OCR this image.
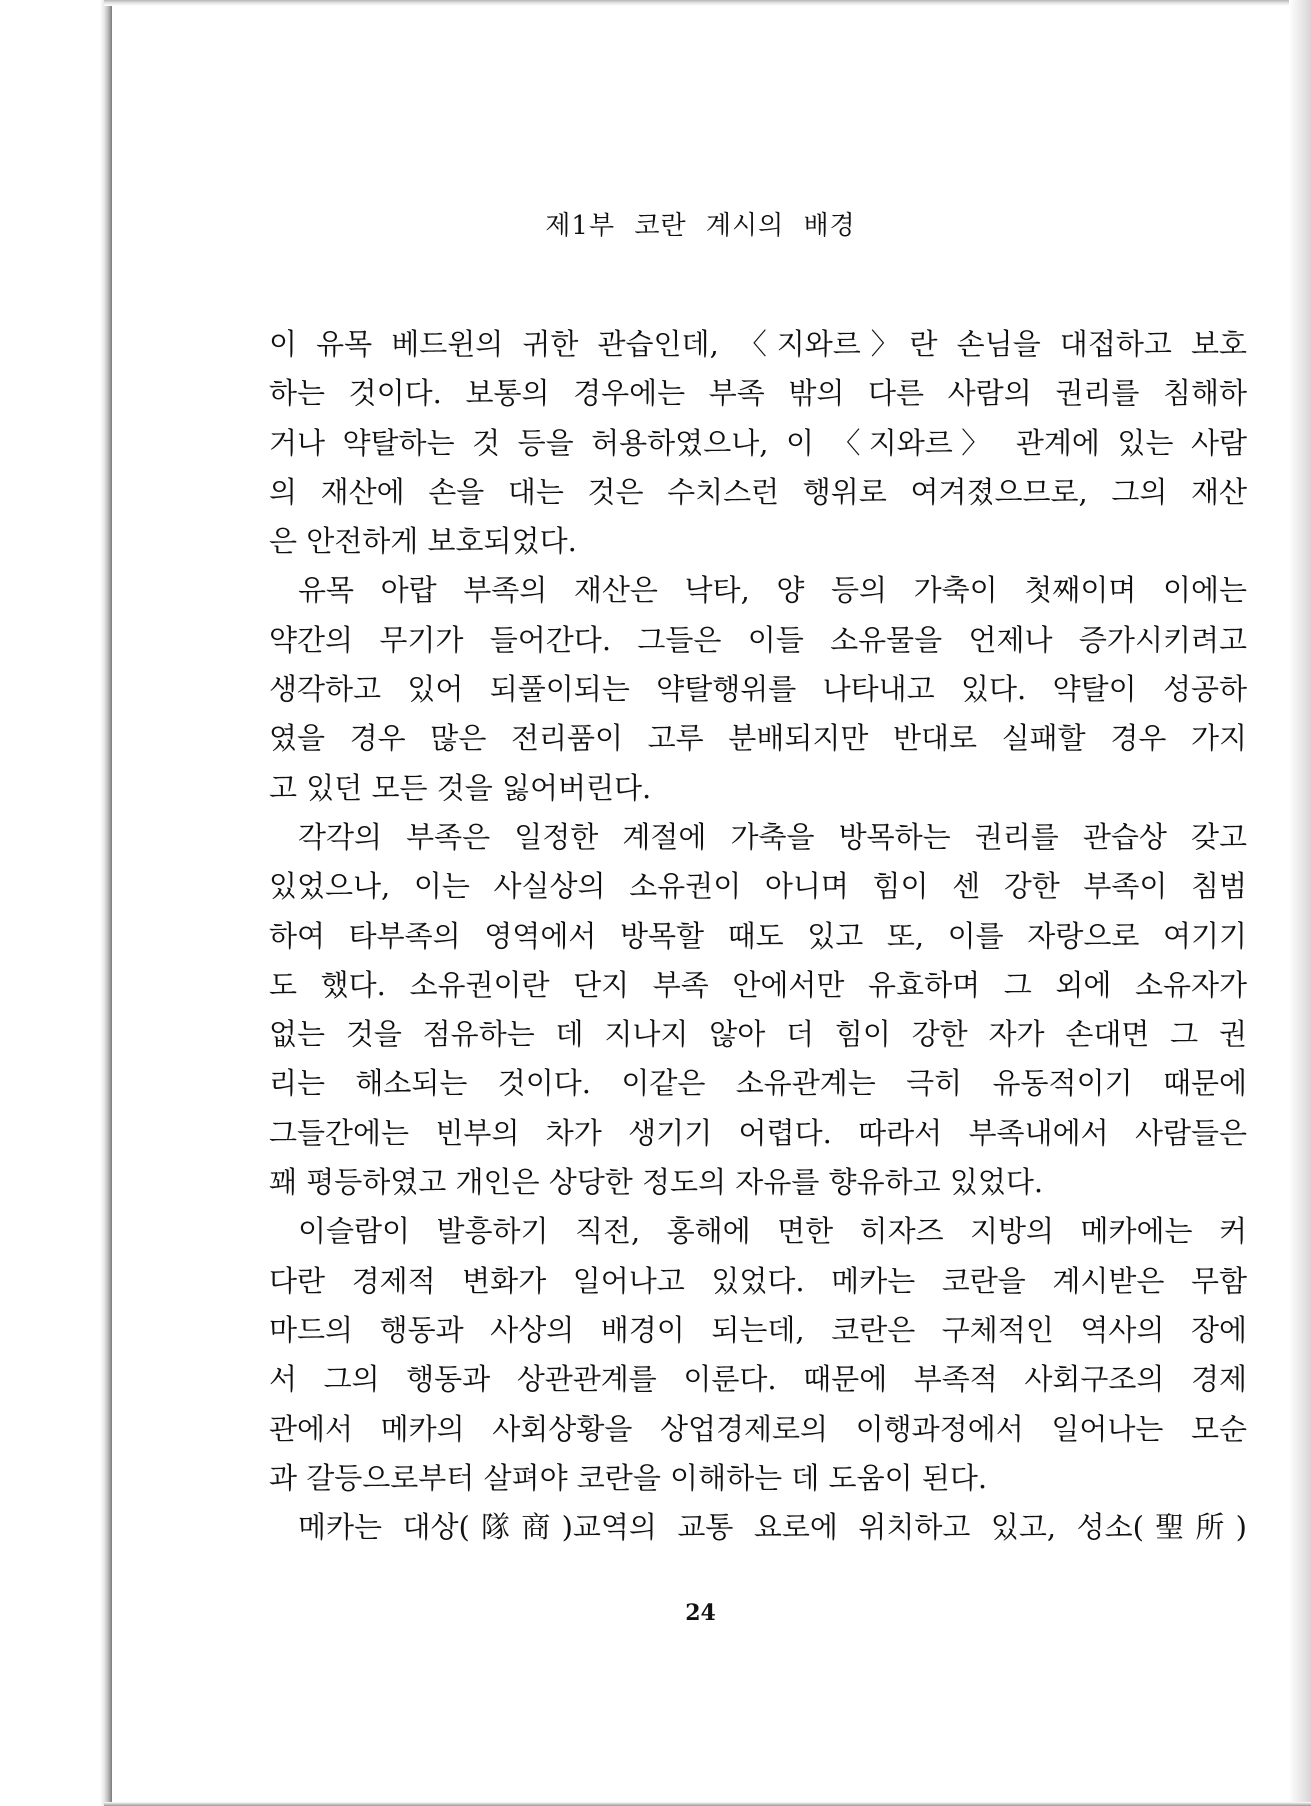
제1부 코란 계시의 배경

이 유목 베드윈의 귀한 관습인데, 〈지와르〉란 손님을 대접하고 보호
하는 것이다. 보통의 경우에는 부족 밖의 다른 사람의 권리를 침해하
거나 약탈하는 것 등을 허용하였으나, 이 〈지와르〉 관계에 있는 사람
의 재산에 손을 대는 것은 수치스런 행위로 여겨졌으므로, 그의 재산
은 안전하게 보호되었다.
유목 아랍 부족의 재산은 낙타, 양 등의 가축이 첫째이며 이에는
약간의 무기가 들어간다. 그들은 이들 소유물을 언제나 증가시키려고
생각하고 있어 되풀이되는 약탈행위를 나타내고 있다. 약탈이 성공하
였을 경우 많은 전리품이 고루 분배되지만 반대로 실패할 경우 가지
고 있던 모든 것을 잃어버린다.
각각의 부족은 일정한 계절에 가축을 방목하는 권리를 관습상 갖고
있었으나, 이는 사실상의 소유권이 아니며 힘이 센 강한 부족이 침범
하여 타부족의 영역에서 방목할 때도 있고 또, 이를 자랑으로 여기기
도 했다. 소유권이란 단지 부족 안에서만 유효하며 그 외에 소유자가
없는 것을 점유하는 데 지나지 않아 더 힘이 강한 자가 손대면 그 권
리는 해소되는 것이다. 이같은 소유관계는 극히 유동적이기 때문에
그들간에는 빈부의 차가 생기기 어렵다. 따라서 부족내에서 사람들은
꽤 평등하였고 개인은 상당한 정도의 자유를 향유하고 있었다.
이슬람이 발흥하기 직전, 홍해에 면한 히자즈 지방의 메카에는 커
다란 경제적 변화가 일어나고 있었다. 메카는 코란을 계시받은 무함
마드의 행동과 사상의 배경이 되는데, 코란은 구체적인 역사의 장에
서 그의 행동과 상관관계를 이룬다. 때문에 부족적 사회구조의 경제
관에서 메카의 사회상황을 상업경제로의 이행과정에서 일어나는 모순
과 갈등으로부터 살펴야 코란을 이해하는 데 도움이 된다.
메카는 대상(隊商)교역의 교통 요로에 위치하고 있고, 성소(聖所)

24
